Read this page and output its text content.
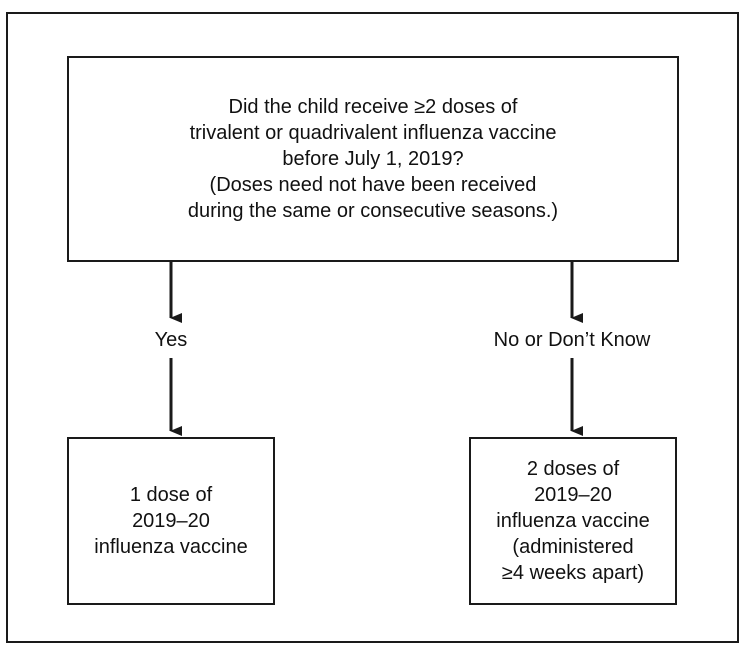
Did the child receive ≥2 doses of
trivalent or quadrivalent influenza vaccine
before July 1, 2019?
(Doses need not have been received
during the same or consecutive seasons.)
Yes	No or Don’t Know
1 dose of
2019–20
influenza vaccine
2 doses of
2019–20
influenza vaccine
(administered
≥4 weeks apart)
